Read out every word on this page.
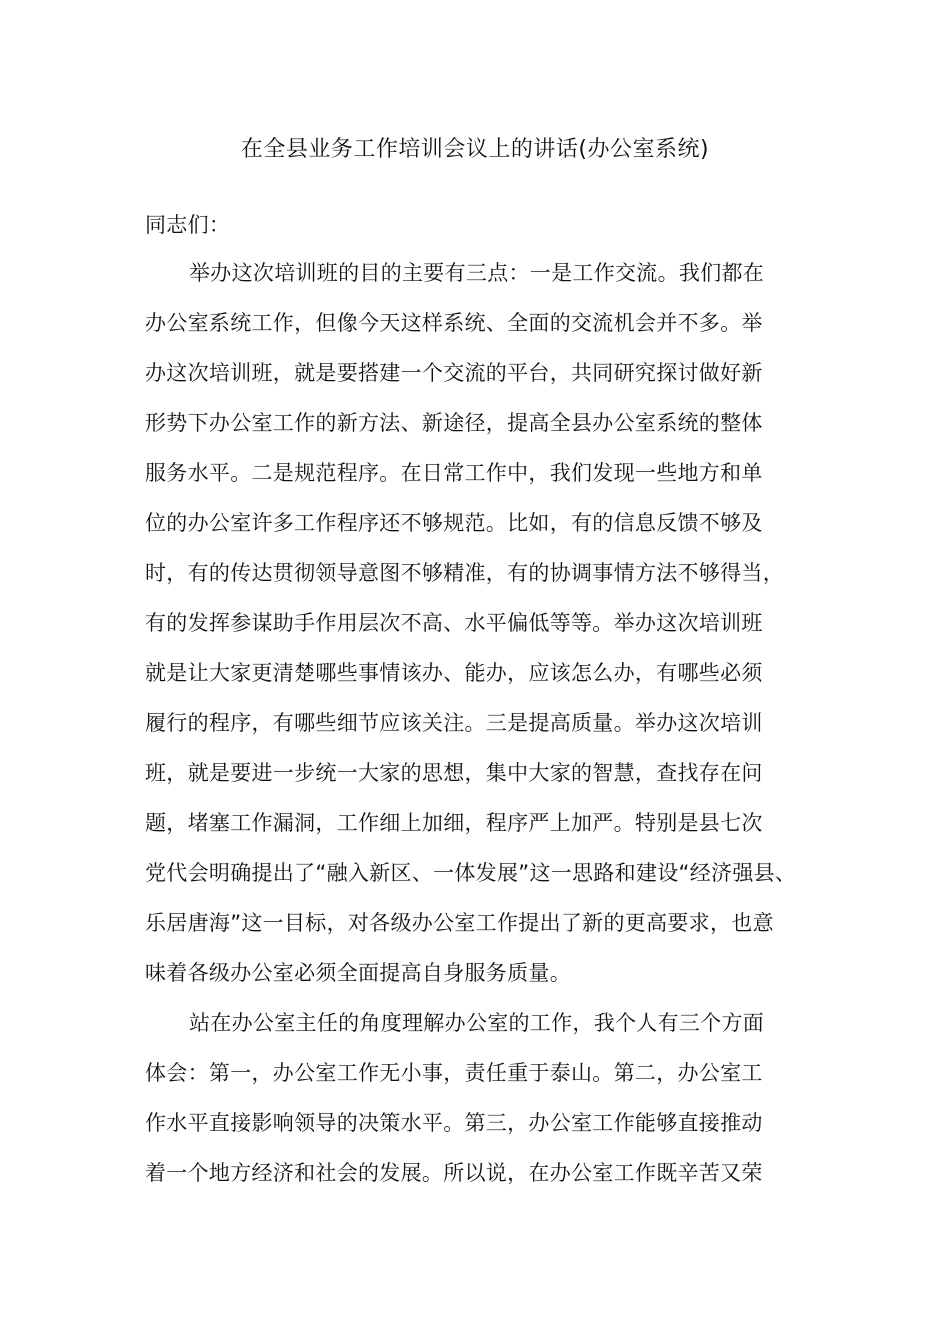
在全县业务工作培训会议上的讲话(办公室系统)

同志们：

举办这次培训班的目的主要有三点：一是工作交流。我们都在

办公室系统工作，但像今天这样系统、全面的交流机会并不多。举

办这次培训班，就是要搭建一个交流的平台，共同研究探讨做好新

形势下办公室工作的新方法、新途径，提高全县办公室系统的整体

服务水平。二是规范程序。在日常工作中，我们发现一些地方和单

位的办公室许多工作程序还不够规范。比如，有的信息反馈不够及

时，有的传达贯彻领导意图不够精准，有的协调事情方法不够得当，

有的发挥参谋助手作用层次不高、水平偏低等等。举办这次培训班

就是让大家更清楚哪些事情该办、能办，应该怎么办，有哪些必须

履行的程序，有哪些细节应该关注。三是提高质量。举办这次培训

班，就是要进一步统一大家的思想，集中大家的智慧，查找存在问

题，堵塞工作漏洞，工作细上加细，程序严上加严。特别是县七次

党代会明确提出了“融入新区、一体发展”这一思路和建设“经济强县、

乐居唐海”这一目标，对各级办公室工作提出了新的更高要求，也意

味着各级办公室必须全面提高自身服务质量。

站在办公室主任的角度理解办公室的工作，我个人有三个方面

体会：第一，办公室工作无小事，责任重于泰山。第二，办公室工

作水平直接影响领导的决策水平。第三，办公室工作能够直接推动

着一个地方经济和社会的发展。所以说，在办公室工作既辛苦又荣
